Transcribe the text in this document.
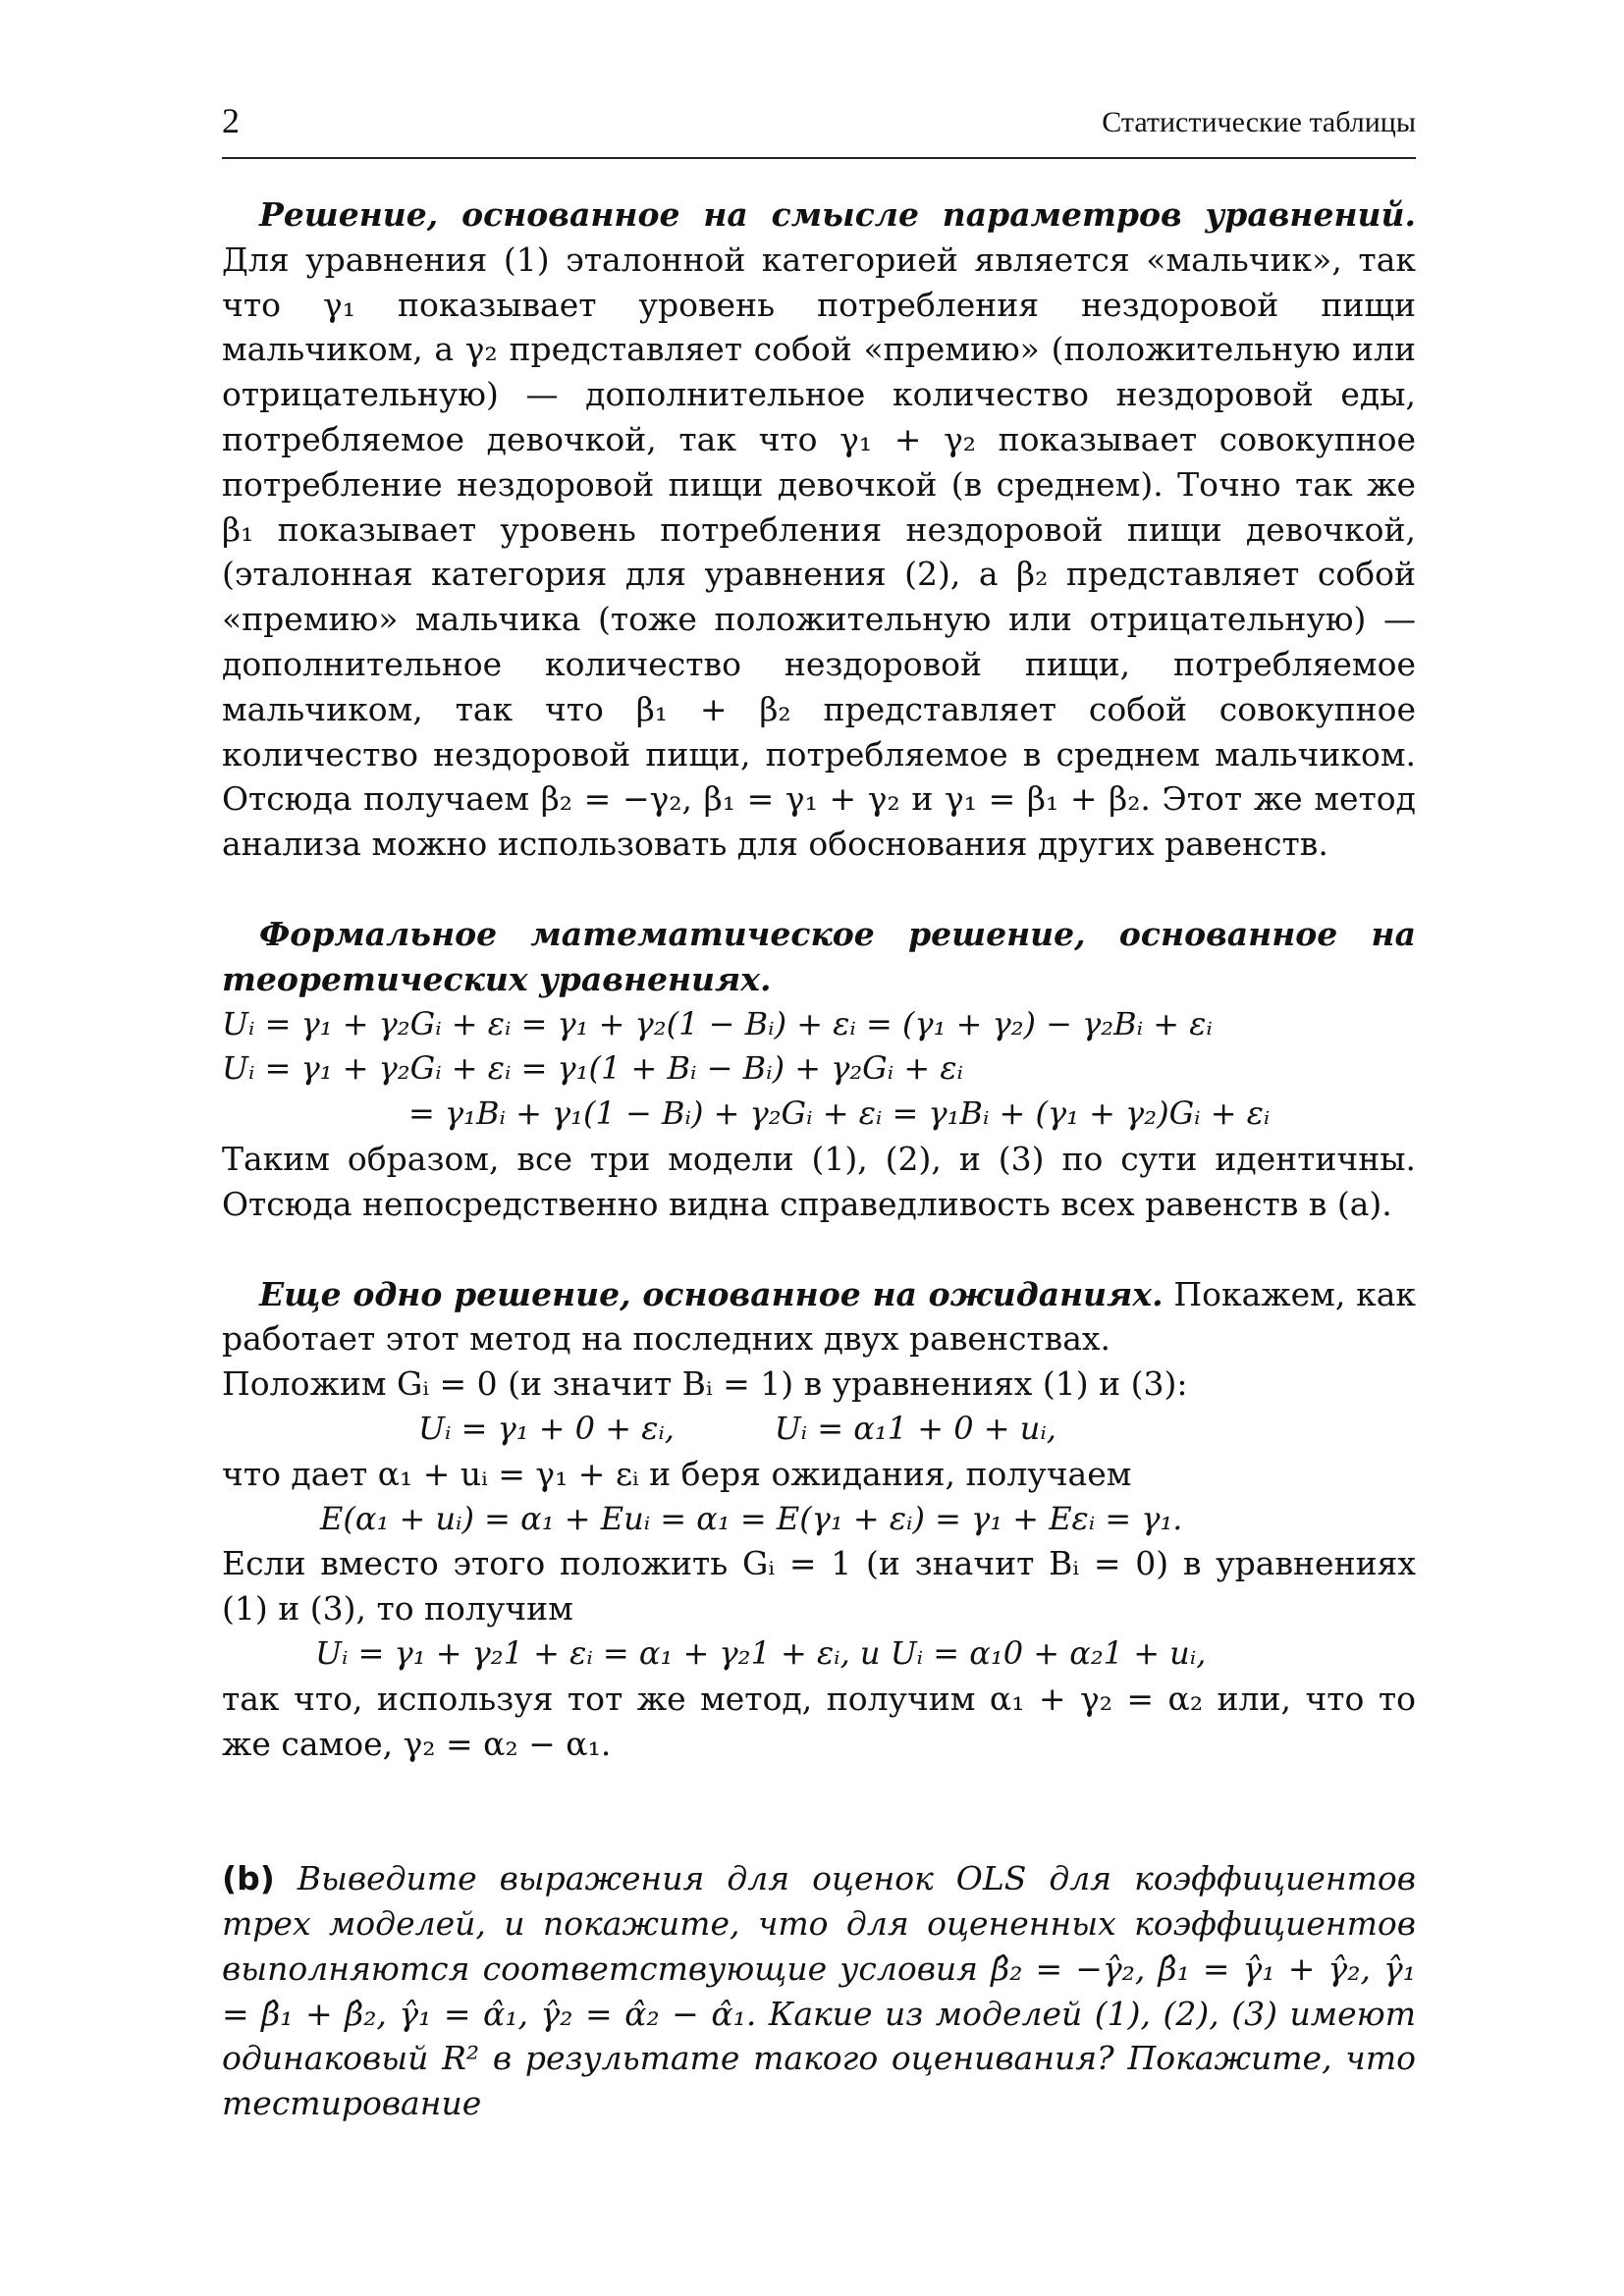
2	Статистические таблицы

Решение, основанное на смысле параметров уравнений. Для уравнения (1) эталонной категорией является «мальчик», так что γ₁ показывает уровень потребления нездоровой пищи мальчиком, а γ₂ представляет собой «премию» (положительную или отрицательную) — дополнительное количество нездоровой еды, потребляемое девочкой, так что γ₁ + γ₂ показывает совокупное потребление нездоровой пищи девочкой (в среднем). Точно так же β₁ показывает уровень потребления нездоровой пищи девочкой, (эталонная категория для уравнения (2), а β₂ представляет собой «премию» мальчика (тоже положительную или отрицательную) — дополнительное количество нездоровой пищи, потребляемое мальчиком, так что β₁ + β₂ представляет собой совокупное количество нездоровой пищи, потребляемое в среднем мальчиком. Отсюда получаем β₂ = −γ₂, β₁ = γ₁ + γ₂ и γ₁ = β₁ + β₂. Этот же метод анализа можно использовать для обоснования других равенств.

Формальное математическое решение, основанное на теоретических уравнениях.

Uᵢ = γ₁ + γ₂Gᵢ + εᵢ = γ₁ + γ₂(1 − Bᵢ) + εᵢ = (γ₁ + γ₂) − γ₂Bᵢ + εᵢ

Uᵢ = γ₁ + γ₂Gᵢ + εᵢ = γ₁(1 + Bᵢ − Bᵢ) + γ₂Gᵢ + εᵢ

= γ₁Bᵢ + γ₁(1 − Bᵢ) + γ₂Gᵢ + εᵢ = γ₁Bᵢ + (γ₁ + γ₂)Gᵢ + εᵢ

Таким образом, все три модели (1), (2), и (3) по сути идентичны. Отсюда непосредственно видна справедливость всех равенств в (a).

Еще одно решение, основанное на ожиданиях. Покажем, как работает этот метод на последних двух равенствах.

Положим Gᵢ = 0 (и значит Bᵢ = 1) в уравнениях (1) и (3):

Uᵢ = γ₁ + 0 + εᵢ,          Uᵢ = α₁1 + 0 + uᵢ,

что дает α₁ + uᵢ = γ₁ + εᵢ и беря ожидания, получаем

E(α₁ + uᵢ) = α₁ + Euᵢ = α₁ = E(γ₁ + εᵢ) = γ₁ + Eεᵢ = γ₁.

Если вместо этого положить Gᵢ = 1 (и значит Bᵢ = 0) в уравнениях (1) и (3), то получим

Uᵢ = γ₁ + γ₂1 + εᵢ = α₁ + γ₂1 + εᵢ, и Uᵢ = α₁0 + α₂1 + uᵢ,

так что, используя тот же метод, получим α₁ + γ₂ = α₂ или, что то же самое, γ₂ = α₂ − α₁.

(b) Выведите выражения для оценок OLS для коэффициентов трех моделей, и покажите, что для оцененных коэффициентов выполняются соответствующие условия β̂₂ = −γ̂₂, β̂₁ = γ̂₁ + γ̂₂, γ̂₁ = β̂₁ + β̂₂, γ̂₁ = α̂₁, γ̂₂ = α̂₂ − α̂₁. Какие из моделей (1), (2), (3) имеют одинаковый R² в результате такого оценивания? Покажите, что тестирование
